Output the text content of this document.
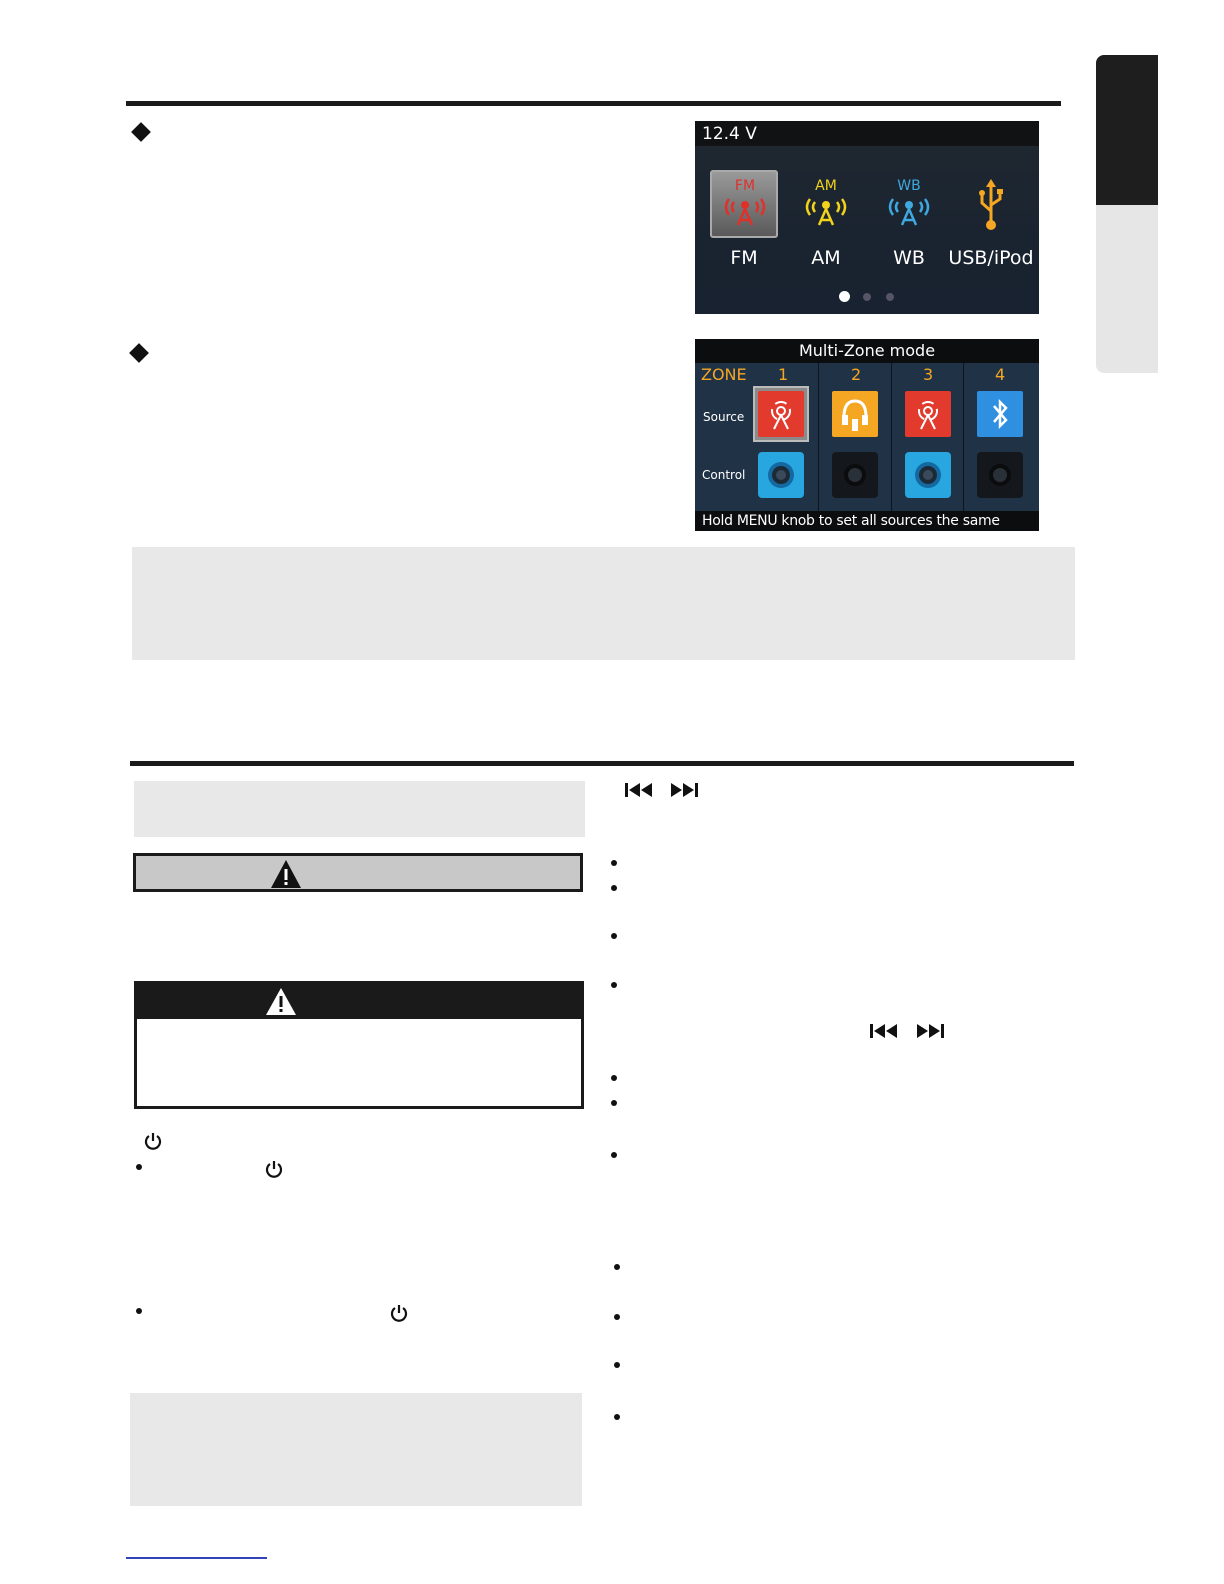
12.4 V
FM	AM	WB
FM	AM	WB	USB/iPod
Multi-Zone mode
ZONE 1	2	3	4
Source
Control
Hold MENU knob to set all sources the same
